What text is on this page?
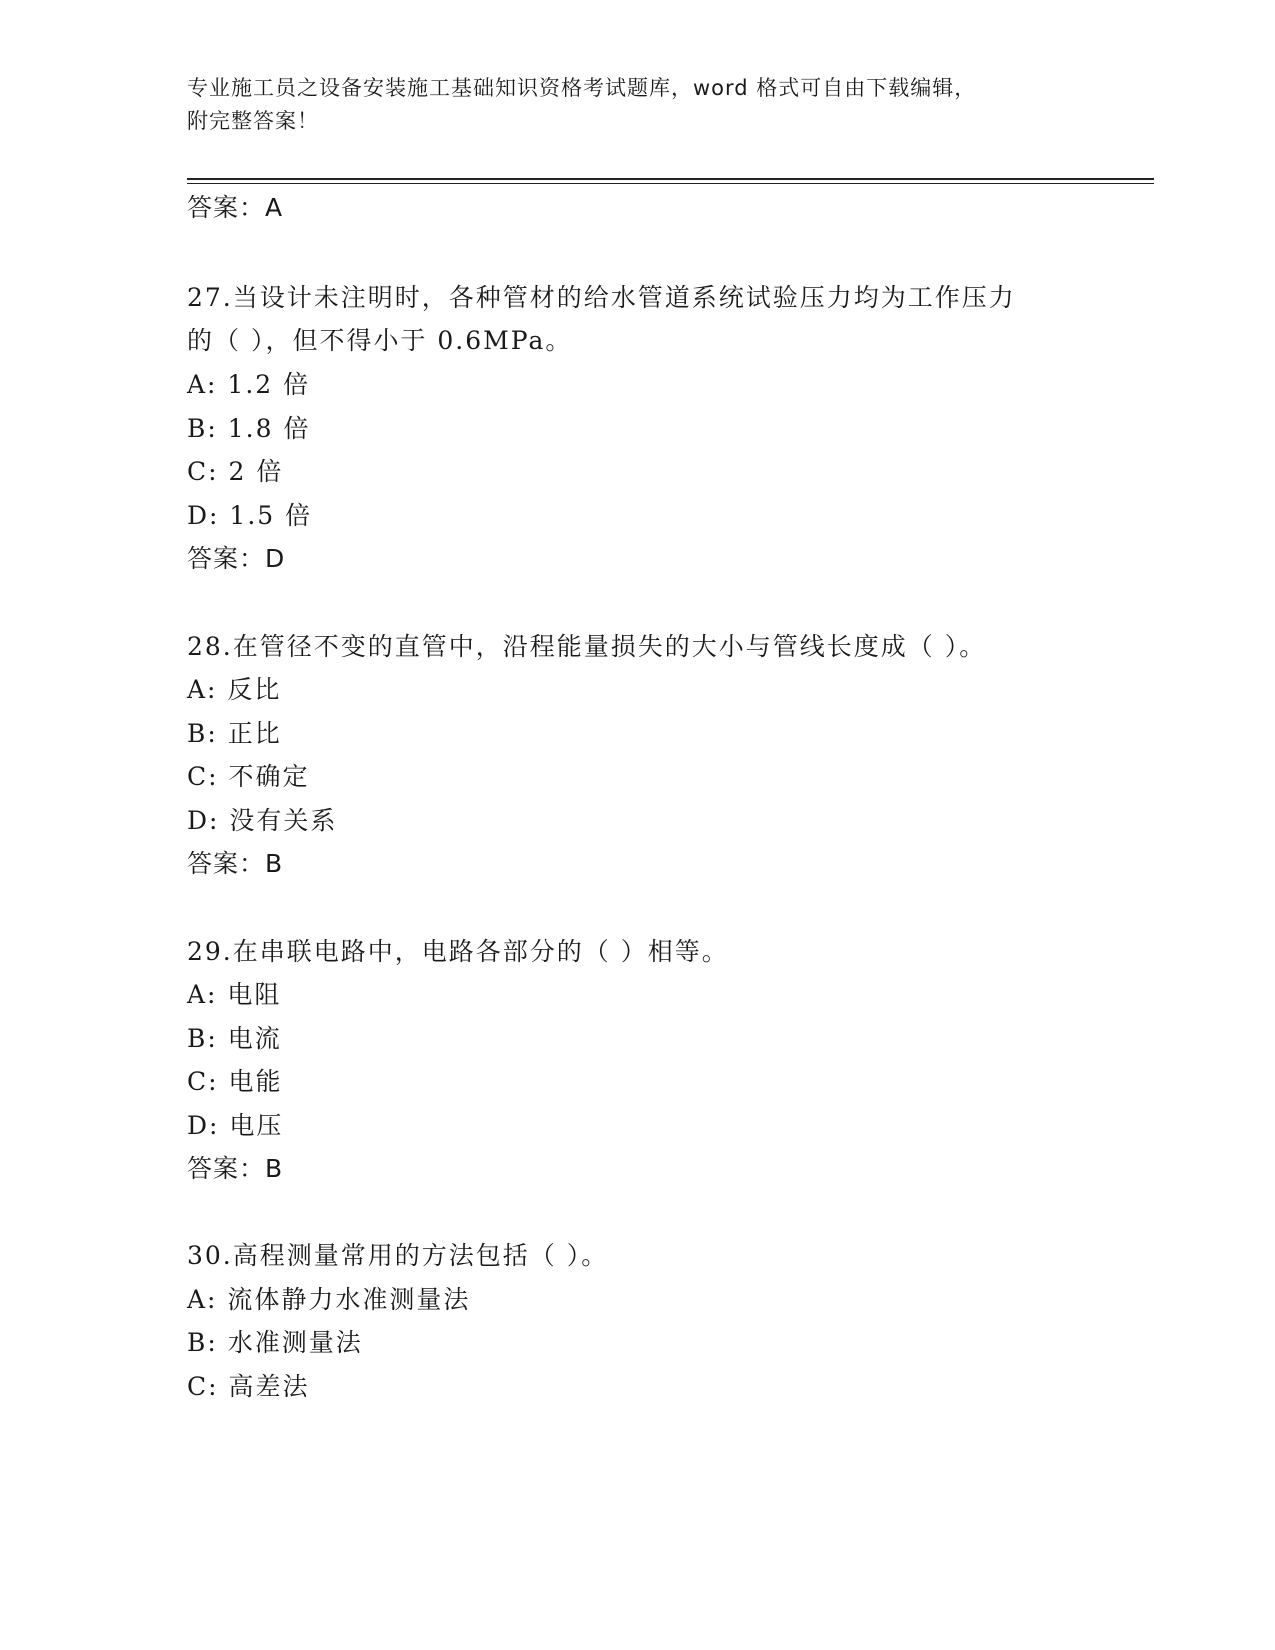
专业施工员之设备安装施工基础知识资格考试题库，word 格式可自由下载编辑，
附完整答案！
答案：A
27.当设计未注明时，各种管材的给水管道系统试验压力均为工作压力
的（ ），但不得小于 0.6MPa。
A: 1.2 倍
B: 1.8 倍
C: 2 倍
D: 1.5 倍
答案：D
28.在管径不变的直管中，沿程能量损失的大小与管线长度成（ ）。
A: 反比
B: 正比
C: 不确定
D: 没有关系
答案：B
29.在串联电路中，电路各部分的（ ）相等。
A: 电阻
B: 电流
C: 电能
D: 电压
答案：B
30.高程测量常用的方法包括（ ）。
A: 流体静力水准测量法
B: 水准测量法
C: 高差法
